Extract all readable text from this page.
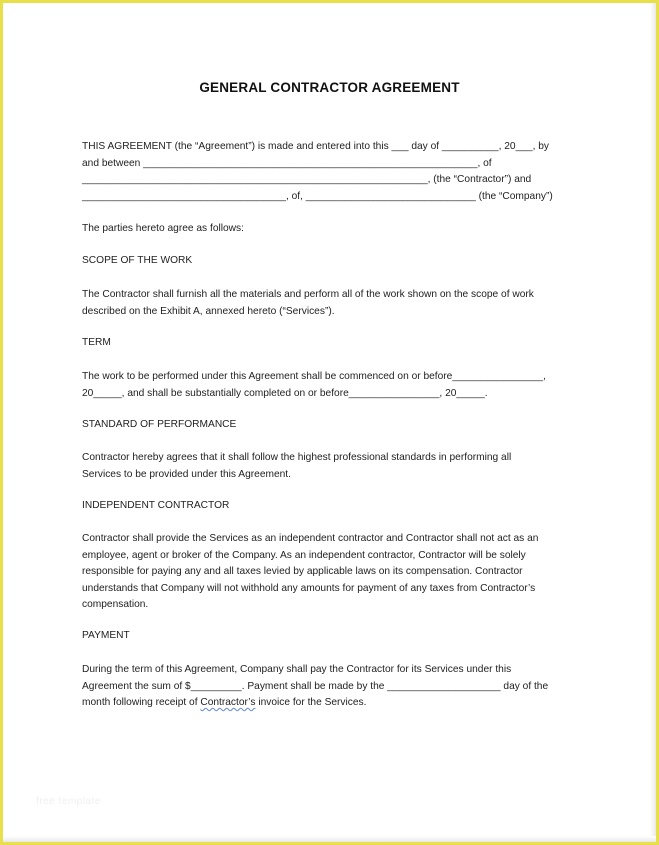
GENERAL CONTRACTOR AGREEMENT
THIS AGREEMENT (the “Agreement”) is made and entered into this ___ day of __________, 20___, by
and between ___________________________________________________________, of
_____________________________________________________________, (the “Contractor”) and
____________________________________, of, ______________________________ (the “Company”)
The parties hereto agree as follows:
SCOPE OF THE WORK
The Contractor shall furnish all the materials and perform all of the work shown on the scope of work
described on the Exhibit A, annexed hereto (“Services”).
TERM
The work to be performed under this Agreement shall be commenced on or before________________,
20_____, and shall be substantially completed on or before________________, 20_____.
STANDARD OF PERFORMANCE
Contractor hereby agrees that it shall follow the highest professional standards in performing all
Services to be provided under this Agreement.
INDEPENDENT CONTRACTOR
Contractor shall provide the Services as an independent contractor and Contractor shall not act as an
employee, agent or broker of the Company. As an independent contractor, Contractor will be solely
responsible for paying any and all taxes levied by applicable laws on its compensation. Contractor
understands that Company will not withhold any amounts for payment of any taxes from Contractor’s
compensation.
PAYMENT
During the term of this Agreement, Company shall pay the Contractor for its Services under this
Agreement the sum of $_________. Payment shall be made by the ____________________ day of the
month following receipt of Contractor’s invoice for the Services.
free template
